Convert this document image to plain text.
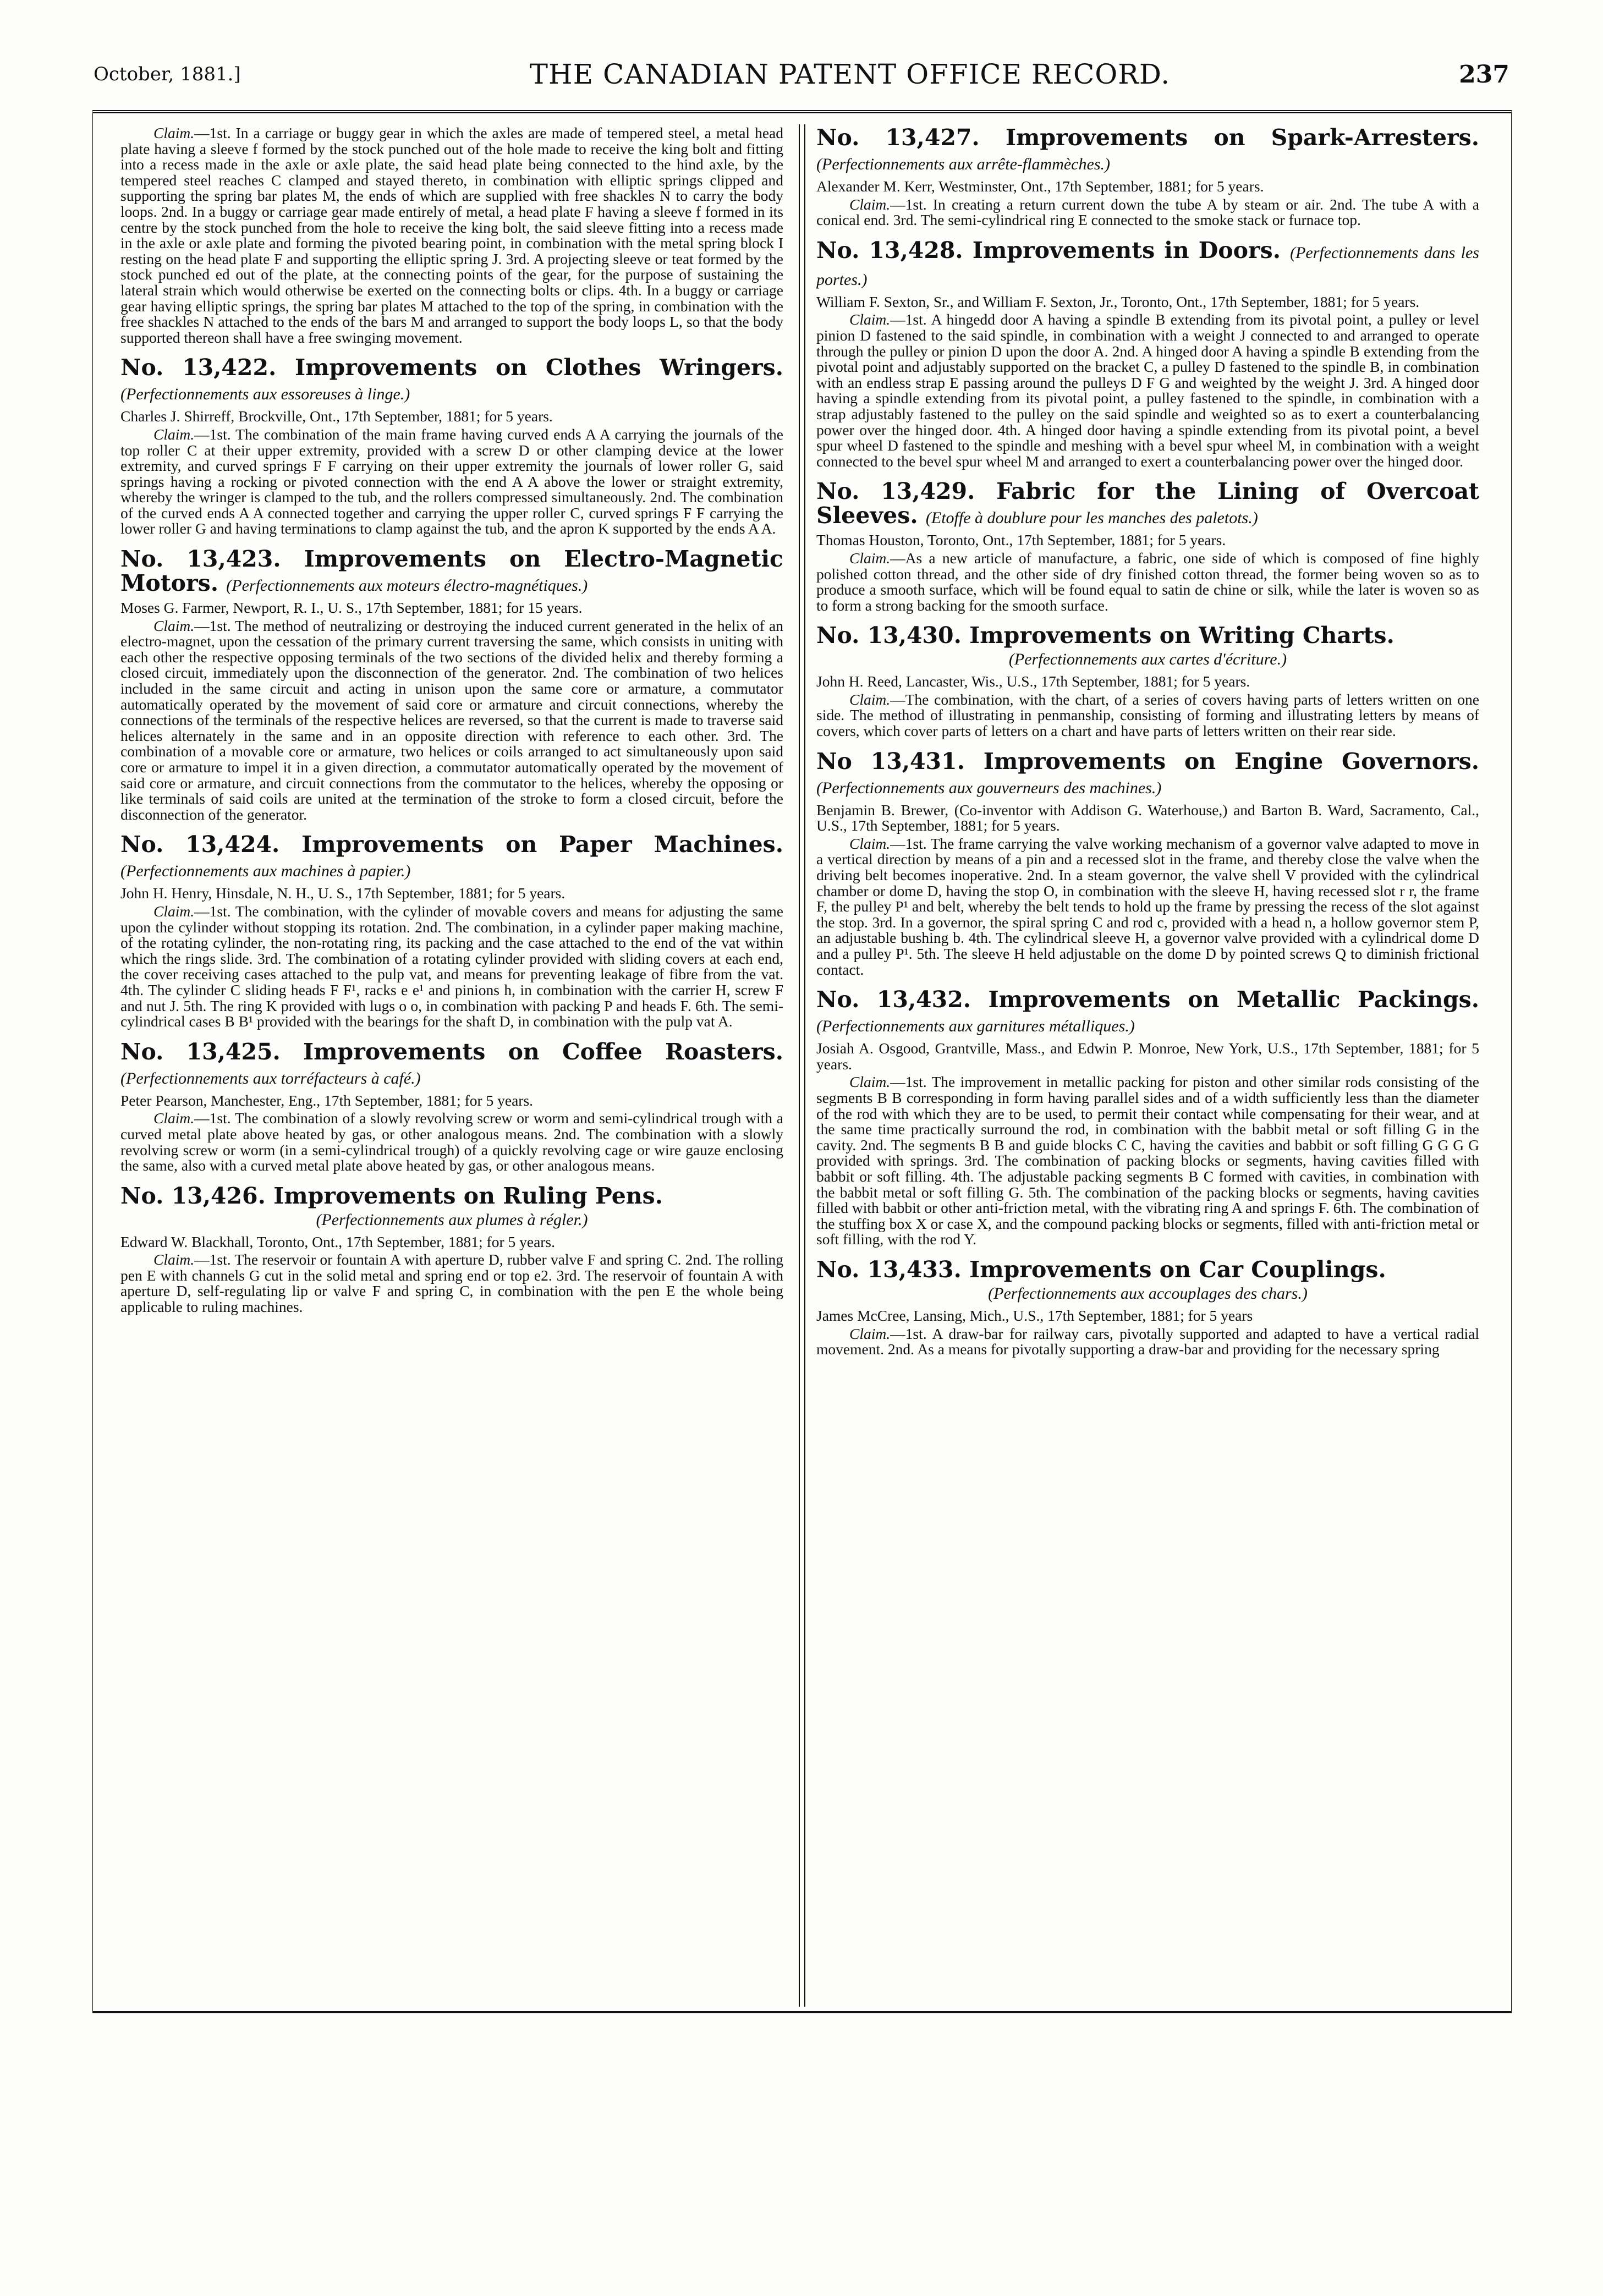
October, 1881.]	THE CANADIAN PATENT OFFICE RECORD.	237

Claim.—1st. In a carriage or buggy gear in which the axles are made of tempered steel, a metal head plate having a sleeve f formed by the stock punched out of the hole made to receive the king bolt and fitting into a recess made in the axle or axle plate, the said head plate being connected to the hind axle, by the tempered steel reaches C clamped and stayed thereto, in combination with elliptic springs clipped and supporting the spring bar plates M, the ends of which are supplied with free shackles N to carry the body loops. 2nd. In a buggy or carriage gear made entirely of metal, a head plate F having a sleeve f formed in its centre by the stock punched from the hole to receive the king bolt, the said sleeve fitting into a recess made in the axle or axle plate and forming the pivoted bearing point, in combination with the metal spring block I resting on the head plate F and supporting the elliptic spring J. 3rd. A projecting sleeve or teat formed by the stock punched ed out of the plate, at the connecting points of the gear, for the purpose of sustaining the lateral strain which would otherwise be exerted on the connecting bolts or clips. 4th. In a buggy or carriage gear having elliptic springs, the spring bar plates M attached to the top of the spring, in combination with the free shackles N attached to the ends of the bars M and arranged to support the body loops L, so that the body supported thereon shall have a free swinging movement.

No. 13,422. Improvements on Clothes Wringers. (Perfectionnements aux essoreuses à linge.)

Charles J. Shirreff, Brockville, Ont., 17th September, 1881; for 5 years.

Claim.—1st. The combination of the main frame having curved ends A A carrying the journals of the top roller C at their upper extremity, provided with a screw D or other clamping device at the lower extremity, and curved springs F F carrying on their upper extremity the journals of lower roller G, said springs having a rocking or pivoted connection with the end A A above the lower or straight extremity, whereby the wringer is clamped to the tub, and the rollers compressed simultaneously. 2nd. The combination of the curved ends A A connected together and carrying the upper roller C, curved springs F F carrying the lower roller G and having terminations to clamp against the tub, and the apron K supported by the ends A A.

No. 13,423. Improvements on Electro-Magnetic Motors. (Perfectionnements aux moteurs électro-magnétiques.)

Moses G. Farmer, Newport, R. I., U. S., 17th September, 1881; for 15 years.

Claim.—1st. The method of neutralizing or destroying the induced current generated in the helix of an electro-magnet, upon the cessation of the primary current traversing the same, which consists in uniting with each other the respective opposing terminals of the two sections of the divided helix and thereby forming a closed circuit, immediately upon the disconnection of the generator. 2nd. The combination of two helices included in the same circuit and acting in unison upon the same core or armature, a commutator automatically operated by the movement of said core or armature and circuit connections, whereby the connections of the terminals of the respective helices are reversed, so that the current is made to traverse said helices alternately in the same and in an opposite direction with reference to each other. 3rd. The combination of a movable core or armature, two helices or coils arranged to act simultaneously upon said core or armature to impel it in a given direction, a commutator automatically operated by the movement of said core or armature, and circuit connections from the commutator to the helices, whereby the opposing or like terminals of said coils are united at the termination of the stroke to form a closed circuit, before the disconnection of the generator.

No. 13,424. Improvements on Paper Machines. (Perfectionnements aux machines à papier.)

John H. Henry, Hinsdale, N. H., U. S., 17th September, 1881; for 5 years.

Claim.—1st. The combination, with the cylinder of movable covers and means for adjusting the same upon the cylinder without stopping its rotation. 2nd. The combination, in a cylinder paper making machine, of the rotating cylinder, the non-rotating ring, its packing and the case attached to the end of the vat within which the rings slide. 3rd. The combination of a rotating cylinder provided with sliding covers at each end, the cover receiving cases attached to the pulp vat, and means for preventing leakage of fibre from the vat. 4th. The cylinder C sliding heads F F¹, racks e e¹ and pinions h, in combination with the carrier H, screw F and nut J. 5th. The ring K provided with lugs o o, in combination with packing P and heads F. 6th. The semi-cylindrical cases B B¹ provided with the bearings for the shaft D, in combination with the pulp vat A.

No. 13,425. Improvements on Coffee Roasters. (Perfectionnements aux torréfacteurs à café.)

Peter Pearson, Manchester, Eng., 17th September, 1881; for 5 years.

Claim.—1st. The combination of a slowly revolving screw or worm and semi-cylindrical trough with a curved metal plate above heated by gas, or other analogous means. 2nd. The combination with a slowly revolving screw or worm (in a semi-cylindrical trough) of a quickly revolving cage or wire gauze enclosing the same, also with a curved metal plate above heated by gas, or other analogous means.

No. 13,426. Improvements on Ruling Pens.
(Perfectionnements aux plumes à régler.)

Edward W. Blackhall, Toronto, Ont., 17th September, 1881; for 5 years.

Claim.—1st. The reservoir or fountain A with aperture D, rubber valve F and spring C. 2nd. The rolling pen E with channels G cut in the solid metal and spring end or top e2. 3rd. The reservoir of fountain A with aperture D, self-regulating lip or valve F and spring C, in combination with the pen E the whole being applicable to ruling machines.

No. 13,427. Improvements on Spark-Arresters. (Perfectionnements aux arrête-flammèches.)

Alexander M. Kerr, Westminster, Ont., 17th September, 1881; for 5 years.

Claim.—1st. In creating a return current down the tube A by steam or air. 2nd. The tube A with a conical end. 3rd. The semi-cylindrical ring E connected to the smoke stack or furnace top.

No. 13,428. Improvements in Doors. (Perfectionnements dans les portes.)

William F. Sexton, Sr., and William F. Sexton, Jr., Toronto, Ont., 17th September, 1881; for 5 years.

Claim.—1st. A hingedd door A having a spindle B extending from its pivotal point, a pulley or level pinion D fastened to the said spindle, in combination with a weight J connected to and arranged to operate through the pulley or pinion D upon the door A. 2nd. A hinged door A having a spindle B extending from the pivotal point and adjustably supported on the bracket C, a pulley D fastened to the spindle B, in combination with an endless strap E passing around the pulleys D F G and weighted by the weight J. 3rd. A hinged door having a spindle extending from its pivotal point, a pulley fastened to the spindle, in combination with a strap adjustably fastened to the pulley on the said spindle and weighted so as to exert a counterbalancing power over the hinged door. 4th. A hinged door having a spindle extending from its pivotal point, a bevel spur wheel D fastened to the spindle and meshing with a bevel spur wheel M, in combination with a weight connected to the bevel spur wheel M and arranged to exert a counterbalancing power over the hinged door.

No. 13,429. Fabric for the Lining of Overcoat Sleeves. (Etoffe à doublure pour les manches des paletots.)

Thomas Houston, Toronto, Ont., 17th September, 1881; for 5 years.

Claim.—As a new article of manufacture, a fabric, one side of which is composed of fine highly polished cotton thread, and the other side of dry finished cotton thread, the former being woven so as to produce a smooth surface, which will be found equal to satin de chine or silk, while the later is woven so as to form a strong backing for the smooth surface.

No. 13,430. Improvements on Writing Charts.
(Perfectionnements aux cartes d'écriture.)

John H. Reed, Lancaster, Wis., U.S., 17th September, 1881; for 5 years.

Claim.—The combination, with the chart, of a series of covers having parts of letters written on one side. The method of illustrating in penmanship, consisting of forming and illustrating letters by means of covers, which cover parts of letters on a chart and have parts of letters written on their rear side.

No 13,431. Improvements on Engine Governors. (Perfectionnements aux gouverneurs des machines.)

Benjamin B. Brewer, (Co-inventor with Addison G. Waterhouse,) and Barton B. Ward, Sacramento, Cal., U.S., 17th September, 1881; for 5 years.

Claim.—1st. The frame carrying the valve working mechanism of a governor valve adapted to move in a vertical direction by means of a pin and a recessed slot in the frame, and thereby close the valve when the driving belt becomes inoperative. 2nd. In a steam governor, the valve shell V provided with the cylindrical chamber or dome D, having the stop O, in combination with the sleeve H, having recessed slot r r, the frame F, the pulley P¹ and belt, whereby the belt tends to hold up the frame by pressing the recess of the slot against the stop. 3rd. In a governor, the spiral spring C and rod c, provided with a head n, a hollow governor stem P, an adjustable bushing b. 4th. The cylindrical sleeve H, a governor valve provided with a cylindrical dome D and a pulley P¹. 5th. The sleeve H held adjustable on the dome D by pointed screws Q to diminish frictional contact.

No. 13,432. Improvements on Metallic Packings. (Perfectionnements aux garnitures métalliques.)

Josiah A. Osgood, Grantville, Mass., and Edwin P. Monroe, New York, U.S., 17th September, 1881; for 5 years.

Claim.—1st. The improvement in metallic packing for piston and other similar rods consisting of the segments B B corresponding in form having parallel sides and of a width sufficiently less than the diameter of the rod with which they are to be used, to permit their contact while compensating for their wear, and at the same time practically surround the rod, in combination with the babbit metal or soft filling G in the cavity. 2nd. The segments B B and guide blocks C C, having the cavities and babbit or soft filling G G G G provided with springs. 3rd. The combination of packing blocks or segments, having cavities filled with babbit or soft filling. 4th. The adjustable packing segments B C formed with cavities, in combination with the babbit metal or soft filling G. 5th. The combination of the packing blocks or segments, having cavities filled with babbit or other anti-friction metal, with the vibrating ring A and springs F. 6th. The combination of the stuffing box X or case X, and the compound packing blocks or segments, filled with anti-friction metal or soft filling, with the rod Y.

No. 13,433. Improvements on Car Couplings.
(Perfectionnements aux accouplages des chars.)

James McCree, Lansing, Mich., U.S., 17th September, 1881; for 5 years

Claim.—1st. A draw-bar for railway cars, pivotally supported and adapted to have a vertical radial movement. 2nd. As a means for pivotally supporting a draw-bar and providing for the necessary spring
